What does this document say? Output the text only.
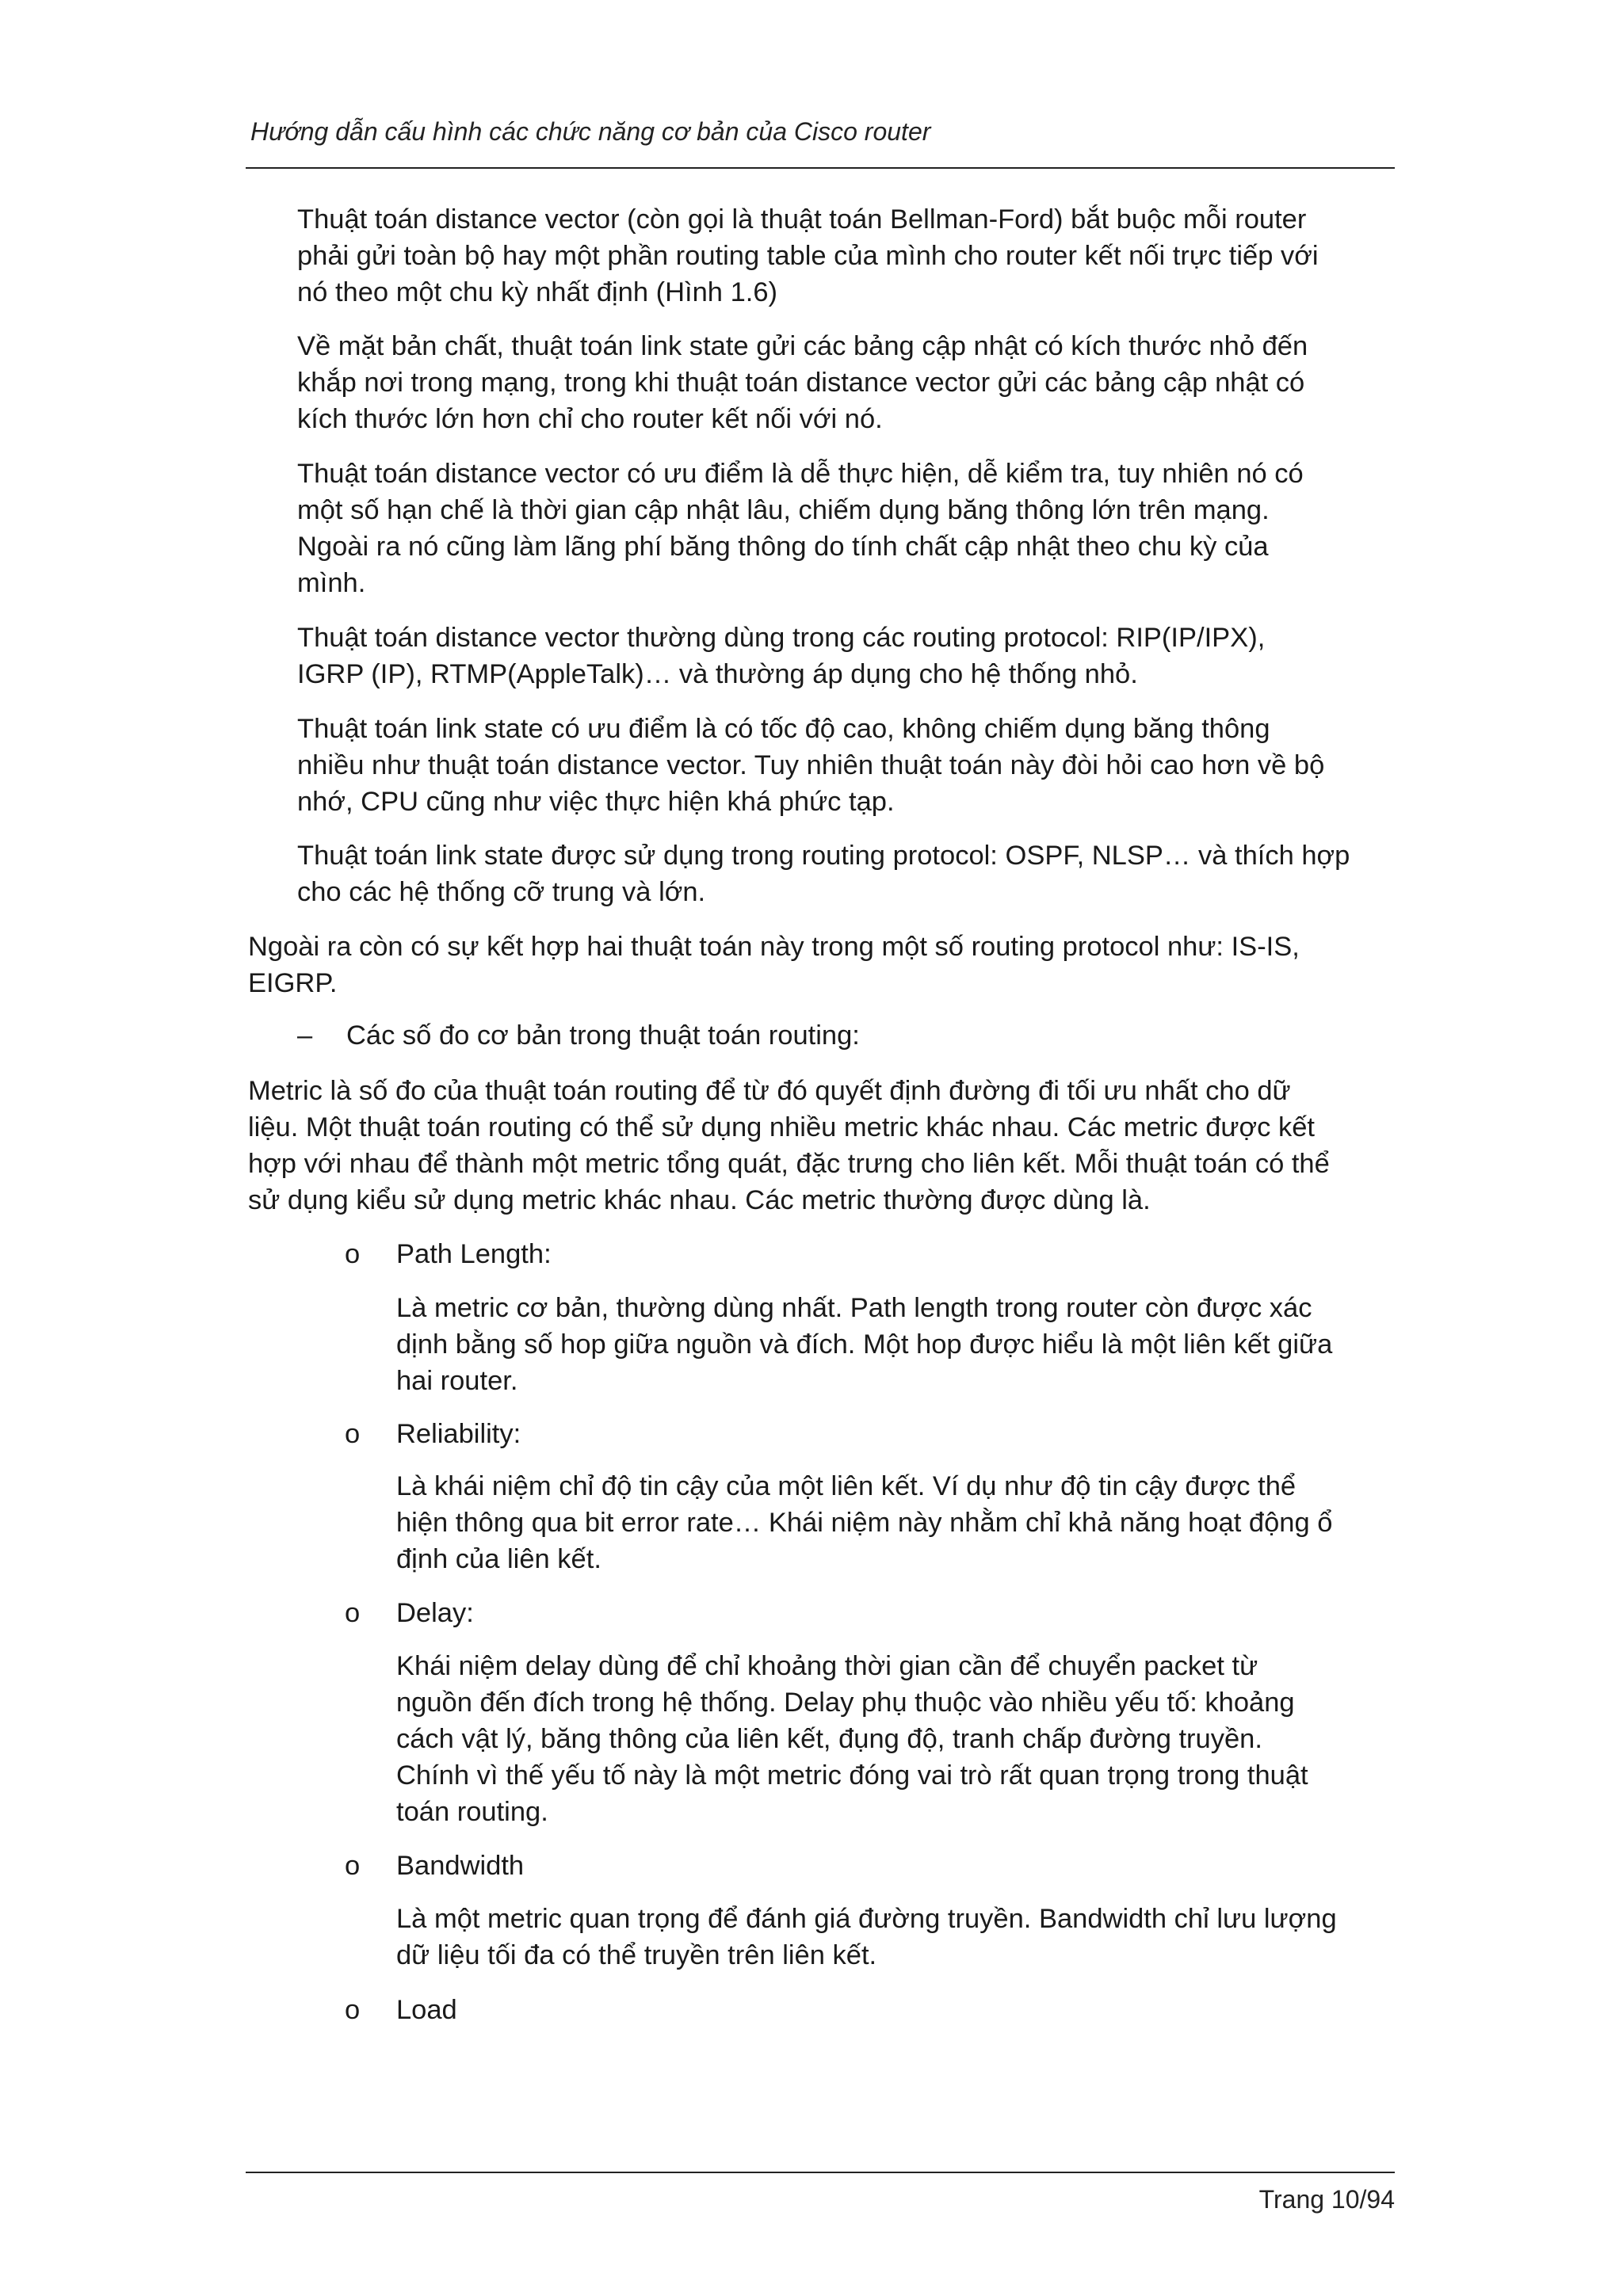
Hướng dẫn cấu hình các chức năng cơ bản của Cisco router

Thuật toán distance vector (còn gọi là thuật toán Bellman-Ford) bắt buộc mỗi router
phải gửi toàn bộ hay một phần routing table của mình cho router kết nối trực tiếp với
nó theo một chu kỳ nhất định (Hình 1.6)

Về mặt bản chất, thuật toán link state gửi các bảng cập nhật có kích thước nhỏ đến
khắp nơi trong mạng, trong khi thuật toán distance vector gửi các bảng cập nhật có
kích thước lớn hơn chỉ cho router kết nối với nó.

Thuật toán distance vector có ưu điểm là dễ thực hiện, dễ kiểm tra, tuy nhiên nó có
một số hạn chế là thời gian cập nhật lâu, chiếm dụng băng thông lớn trên mạng.
Ngoài ra nó cũng làm lãng phí băng thông do tính chất cập nhật theo chu kỳ của
mình.

Thuật toán distance vector thường dùng trong các routing protocol: RIP(IP/IPX),
IGRP (IP), RTMP(AppleTalk)… và thường áp dụng cho hệ thống nhỏ.

Thuật toán link state có ưu điểm là có tốc độ cao, không chiếm dụng băng thông
nhiều như thuật toán distance vector. Tuy nhiên thuật toán này đòi hỏi cao hơn về bộ
nhớ, CPU cũng như việc thực hiện khá phức tạp.

Thuật toán link state được sử dụng trong routing protocol: OSPF, NLSP… và thích hợp
cho các hệ thống cỡ trung và lớn.

Ngoài ra còn có sự kết hợp hai thuật toán này trong một số routing protocol như: IS-IS,
EIGRP.

– Các số đo cơ bản trong thuật toán routing:

Metric là số đo của thuật toán routing để từ đó quyết định đường đi tối ưu nhất cho dữ
liệu. Một thuật toán routing có thể sử dụng nhiều metric khác nhau. Các metric được kết
hợp với nhau để thành một metric tổng quát, đặc trưng cho liên kết. Mỗi thuật toán có thể
sử dụng kiểu sử dụng metric khác nhau. Các metric thường được dùng là.

o Path Length:

Là metric cơ bản, thường dùng nhất. Path length trong router còn được xác
dịnh bằng số hop giữa nguồn và đích. Một hop được hiểu là một liên kết giữa
hai router.

o Reliability:

Là khái niệm chỉ độ tin cậy của một liên kết. Ví dụ như độ tin cậy được thể
hiện thông qua bit error rate… Khái niệm này nhằm chỉ khả năng hoạt động ổ
định của liên kết.

o Delay:

Khái niệm delay dùng để chỉ khoảng thời gian cần để chuyển packet từ
nguồn đến đích trong hệ thống. Delay phụ thuộc vào nhiều yếu tố: khoảng
cách vật lý, băng thông của liên kết, đụng độ, tranh chấp đường truyền.
Chính vì thế yếu tố này là một metric đóng vai trò rất quan trọng trong thuật
toán routing.

o Bandwidth

Là một metric quan trọng để đánh giá đường truyền. Bandwidth chỉ lưu lượng
dữ liệu tối đa có thể truyền trên liên kết.

o Load

Trang 10/94
